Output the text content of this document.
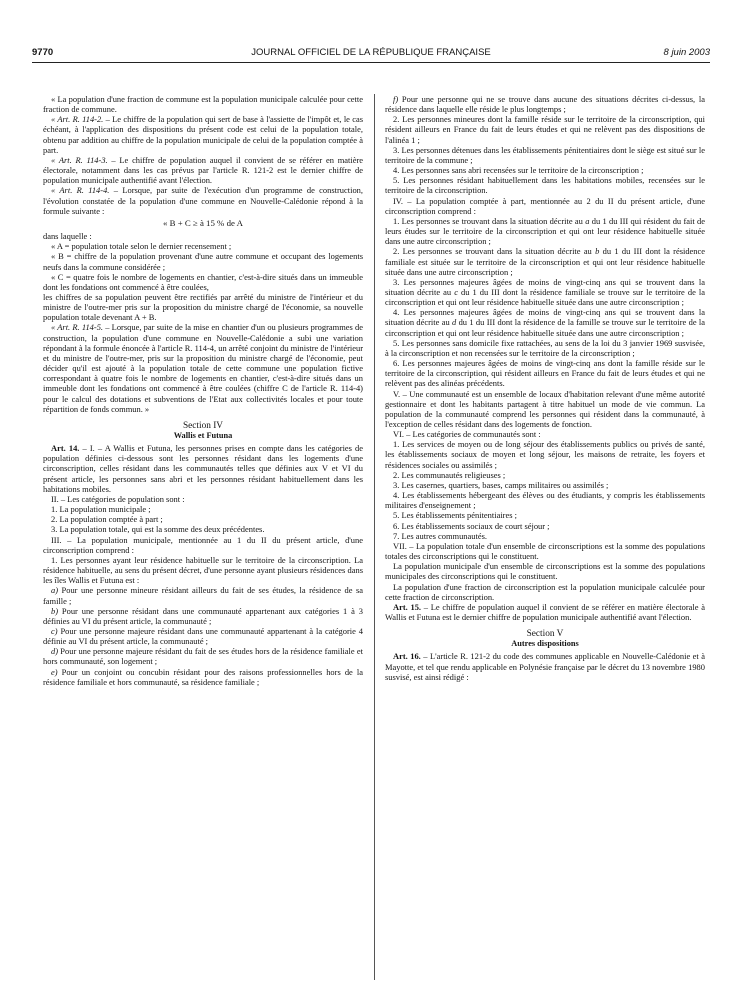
9770	JOURNAL OFFICIEL DE LA RÉPUBLIQUE FRANÇAISE	8 juin 2003

« La population d'une fraction de commune est la population municipale calculée pour cette fraction de commune.

« Art. R. 114-2. – Le chiffre de la population qui sert de base à l'assiette de l'impôt et, le cas échéant, à l'application des dispositions du présent code est celui de la population totale, obtenu par addition au chiffre de la population municipale de celui de la population comptée à part.

« Art. R. 114-3. – Le chiffre de population auquel il convient de se référer en matière électorale, notamment dans les cas prévus par l'article R. 121-2 est le dernier chiffre de population municipale authentifié avant l'élection.

« Art. R. 114-4. – Lorsque, par suite de l'exécution d'un programme de construction, l'évolution constatée de la population d'une commune en Nouvelle-Calédonie répond à la formule suivante :

« B + C ≥ à 15 % de A

dans laquelle :

« A = population totale selon le dernier recensement ;

« B = chiffre de la population provenant d'une autre commune et occupant des logements neufs dans la commune considérée ;

« C = quatre fois le nombre de logements en chantier, c'est-à-dire situés dans un immeuble dont les fondations ont commencé à être coulées,

les chiffres de sa population peuvent être rectifiés par arrêté du ministre de l'intérieur et du ministre de l'outre-mer pris sur la proposition du ministre chargé de l'économie, sa nouvelle population totale devenant A + B.

« Art. R. 114-5. – Lorsque, par suite de la mise en chantier d'un ou plusieurs programmes de construction, la population d'une commune en Nouvelle-Calédonie a subi une variation répondant à la formule énoncée à l'article R. 114-4, un arrêté conjoint du ministre de l'intérieur et du ministre de l'outre-mer, pris sur la proposition du ministre chargé de l'économie, peut décider qu'il est ajouté à la population totale de cette commune une population fictive correspondant à quatre fois le nombre de logements en chantier, c'est-à-dire situés dans un immeuble dont les fondations ont commencé à être coulées (chiffre C de l'article R. 114-4) pour le calcul des dotations et subventions de l'Etat aux collectivités locales et pour toute répartition de fonds commun. »

Section IV

Wallis et Futuna

Art. 14. – I. – A Wallis et Futuna, les personnes prises en compte dans les catégories de population définies ci-dessous sont les personnes résidant dans les logements d'une circonscription, celles résidant dans les communautés telles que définies aux V et VI du présent article, les personnes sans abri et les personnes résidant habituellement dans les habitations mobiles.

II. – Les catégories de population sont :

1. La population municipale ;

2. La population comptée à part ;

3. La population totale, qui est la somme des deux précédentes.

III. – La population municipale, mentionnée au 1 du II du présent article, d'une circonscription comprend :

1. Les personnes ayant leur résidence habituelle sur le territoire de la circonscription. La résidence habituelle, au sens du présent décret, d'une personne ayant plusieurs résidences dans les îles Wallis et Futuna est :

a) Pour une personne mineure résidant ailleurs du fait de ses études, la résidence de sa famille ;

b) Pour une personne résidant dans une communauté appartenant aux catégories 1 à 3 définies au VI du présent article, la communauté ;

c) Pour une personne majeure résidant dans une communauté appartenant à la catégorie 4 définie au VI du présent article, la communauté ;

d) Pour une personne majeure résidant du fait de ses études hors de la résidence familiale et hors communauté, son logement ;

e) Pour un conjoint ou concubin résidant pour des raisons professionnelles hors de la résidence familiale et hors communauté, sa résidence familiale ;

f) Pour une personne qui ne se trouve dans aucune des situations décrites ci-dessus, la résidence dans laquelle elle réside le plus longtemps ;

2. Les personnes mineures dont la famille réside sur le territoire de la circonscription, qui résident ailleurs en France du fait de leurs études et qui ne relèvent pas des dispositions de l'alinéa 1 ;

3. Les personnes détenues dans les établissements pénitentiaires dont le siège est situé sur le territoire de la commune ;

4. Les personnes sans abri recensées sur le territoire de la circonscription ;

5. Les personnes résidant habituellement dans les habitations mobiles, recensées sur le territoire de la circonscription.

IV. – La population comptée à part, mentionnée au 2 du II du présent article, d'une circonscription comprend :

1. Les personnes se trouvant dans la situation décrite au a du 1 du III qui résident du fait de leurs études sur le territoire de la circonscription et qui ont leur résidence habituelle située dans une autre circonscription ;

2. Les personnes se trouvant dans la situation décrite au b du 1 du III dont la résidence familiale est située sur le territoire de la circonscription et qui ont leur résidence habituelle située dans une autre circonscription ;

3. Les personnes majeures âgées de moins de vingt-cinq ans qui se trouvent dans la situation décrite au c du 1 du III dont la résidence familiale se trouve sur le territoire de la circonscription et qui ont leur résidence habituelle située dans une autre circonscription ;

4. Les personnes majeures âgées de moins de vingt-cinq ans qui se trouvent dans la situation décrite au d du 1 du III dont la résidence de la famille se trouve sur le territoire de la circonscription et qui ont leur résidence habituelle située dans une autre circonscription ;

5. Les personnes sans domicile fixe rattachées, au sens de la loi du 3 janvier 1969 susvisée, à la circonscription et non recensées sur le territoire de la circonscription ;

6. Les personnes majeures âgées de moins de vingt-cinq ans dont la famille réside sur le territoire de la circonscription, qui résident ailleurs en France du fait de leurs études et qui ne relèvent pas des alinéas précédents.

V. – Une communauté est un ensemble de locaux d'habitation relevant d'une même autorité gestionnaire et dont les habitants partagent à titre habituel un mode de vie commun. La population de la communauté comprend les personnes qui résident dans la communauté, à l'exception de celles résidant dans des logements de fonction.

VI. – Les catégories de communautés sont :

1. Les services de moyen ou de long séjour des établissements publics ou privés de santé, les établissements sociaux de moyen et long séjour, les maisons de retraite, les foyers et résidences sociales ou assimilés ;

2. Les communautés religieuses ;

3. Les casernes, quartiers, bases, camps militaires ou assimilés ;

4. Les établissements hébergeant des élèves ou des étudiants, y compris les établissements militaires d'enseignement ;

5. Les établissements pénitentiaires ;

6. Les établissements sociaux de court séjour ;

7. Les autres communautés.

VII. – La population totale d'un ensemble de circonscriptions est la somme des populations totales des circonscriptions qui le constituent.

La population municipale d'un ensemble de circonscriptions est la somme des populations municipales des circonscriptions qui le constituent.

La population d'une fraction de circonscription est la population municipale calculée pour cette fraction de circonscription.

Art. 15. – Le chiffre de population auquel il convient de se référer en matière électorale à Wallis et Futuna est le dernier chiffre de population municipale authentifié avant l'élection.

Section V

Autres dispositions

Art. 16. – L'article R. 121-2 du code des communes applicable en Nouvelle-Calédonie et à Mayotte, et tel que rendu applicable en Polynésie française par le décret du 13 novembre 1980 susvisé, est ainsi rédigé :
